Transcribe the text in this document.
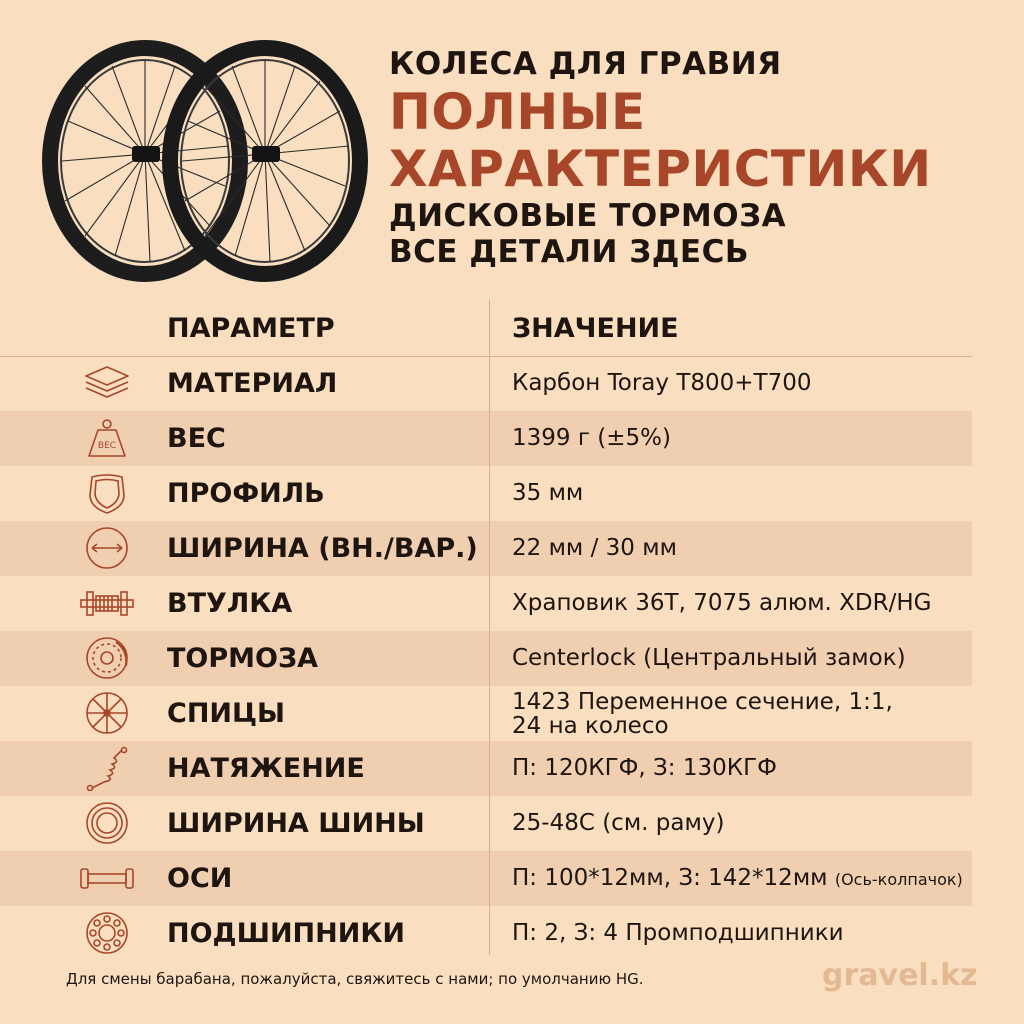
КОЛЕСА ДЛЯ ГРАВИЯ
ПОЛНЫЕ
ХАРАКТЕРИСТИКИ
ДИСКОВЫЕ ТОРМОЗА
ВСЕ ДЕТАЛИ ЗДЕСЬ
ПАРАМЕТР	ЗНАЧЕНИЕ
МАТЕРИАЛ	Карбон Toray T800+T700
ВЕС ВЕС	1399 г (±5%)
ПРОФИЛЬ	35 мм
ШИРИНА (ВН./ВАР.) 22 мм / 30 мм
ВТУЛКА	Храповик 36T, 7075 алюм. XDR/HG
ТОРМОЗА	Centerlock (Центральный замок)
СПИЦЫ	1423 Переменное сечение, 1:1,
24 на колесо
НАТЯЖЕНИЕ	П: 120КГФ, З: 130КГФ
ШИРИНА ШИНЫ	25-48C (см. раму)
ОСИ	П: 100*12мм, З: 142*12мм (Ось-колпачок)
ПОДШИПНИКИ	П: 2, З: 4 Промподшипники
Для смены барабана, пожалуйста, свяжитесь с нами; по умолчанию HG.	gravel.kz
